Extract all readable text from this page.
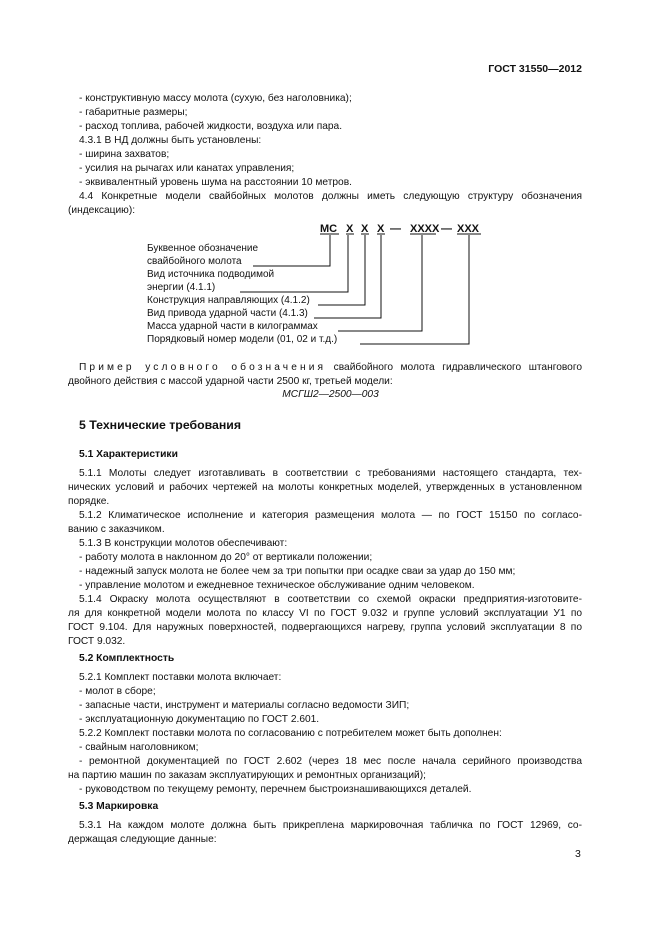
ГОСТ 31550—2012
- конструктивную массу молота (сухую, без наголовника);
- габаритные размеры;
- расход топлива, рабочей жидкости, воздуха или пара.
4.3.1 В НД должны быть установлены:
- ширина захватов;
- усилия на рычагах или канатах управления;
- эквивалентный уровень шума на расстоянии 10 метров.
4.4 Конкретные модели свайбойных молотов должны иметь следующую структуру обозначения
(индексацию):
МС Х Х Х — ХХХХ — ХХХ
Буквенное обозначение
свайбойного молота
Вид источника подводимой
энергии (4.1.1)
Конструкция направляющих (4.1.2)
Вид привода ударной части (4.1.3)
Масса ударной части в килограммах
Порядковый номер модели (01, 02 и т.д.)
Пример условного обозначения свайбойного молота гидравлического штангового
двойного действия с массой ударной части 2500 кг, третьей модели:
МСГШ2—2500—003
5 Технические требования
5.1 Характеристики
5.1.1 Молоты следует изготавливать в соответствии с требованиями настоящего стандарта, тех-
нических условий и рабочих чертежей на молоты конкретных моделей, утвержденных в установленном
порядке.
5.1.2 Климатическое исполнение и категория размещения молота — по ГОСТ 15150 по согласо-
ванию с заказчиком.
5.1.3 В конструкции молотов обеспечивают:
- работу молота в наклонном до 20° от вертикали положении;
- надежный запуск молота не более чем за три попытки при осадке сваи за удар до 150 мм;
- управление молотом и ежедневное техническое обслуживание одним человеком.
5.1.4 Окраску молота осуществляют в соответствии со схемой окраски предприятия-изготовите-
ля для конкретной модели молота по классу VI по ГОСТ 9.032 и группе условий эксплуатации У1 по
ГОСТ 9.104. Для наружных поверхностей, подвергающихся нагреву, группа условий эксплуатации 8 по
ГОСТ 9.032.
5.2 Комплектность
5.2.1 Комплект поставки молота включает:
- молот в сборе;
- запасные части, инструмент и материалы согласно ведомости ЗИП;
- эксплуатационную документацию по ГОСТ 2.601.
5.2.2 Комплект поставки молота по согласованию с потребителем может быть дополнен:
- свайным наголовником;
- ремонтной документацией по ГОСТ 2.602 (через 18 мес после начала серийного производства
на партию машин по заказам эксплуатирующих и ремонтных организаций);
- руководством по текущему ремонту, перечнем быстроизнашивающихся деталей.
5.3 Маркировка
5.3.1 На каждом молоте должна быть прикреплена маркировочная табличка по ГОСТ 12969, со-
держащая следующие данные:
3
